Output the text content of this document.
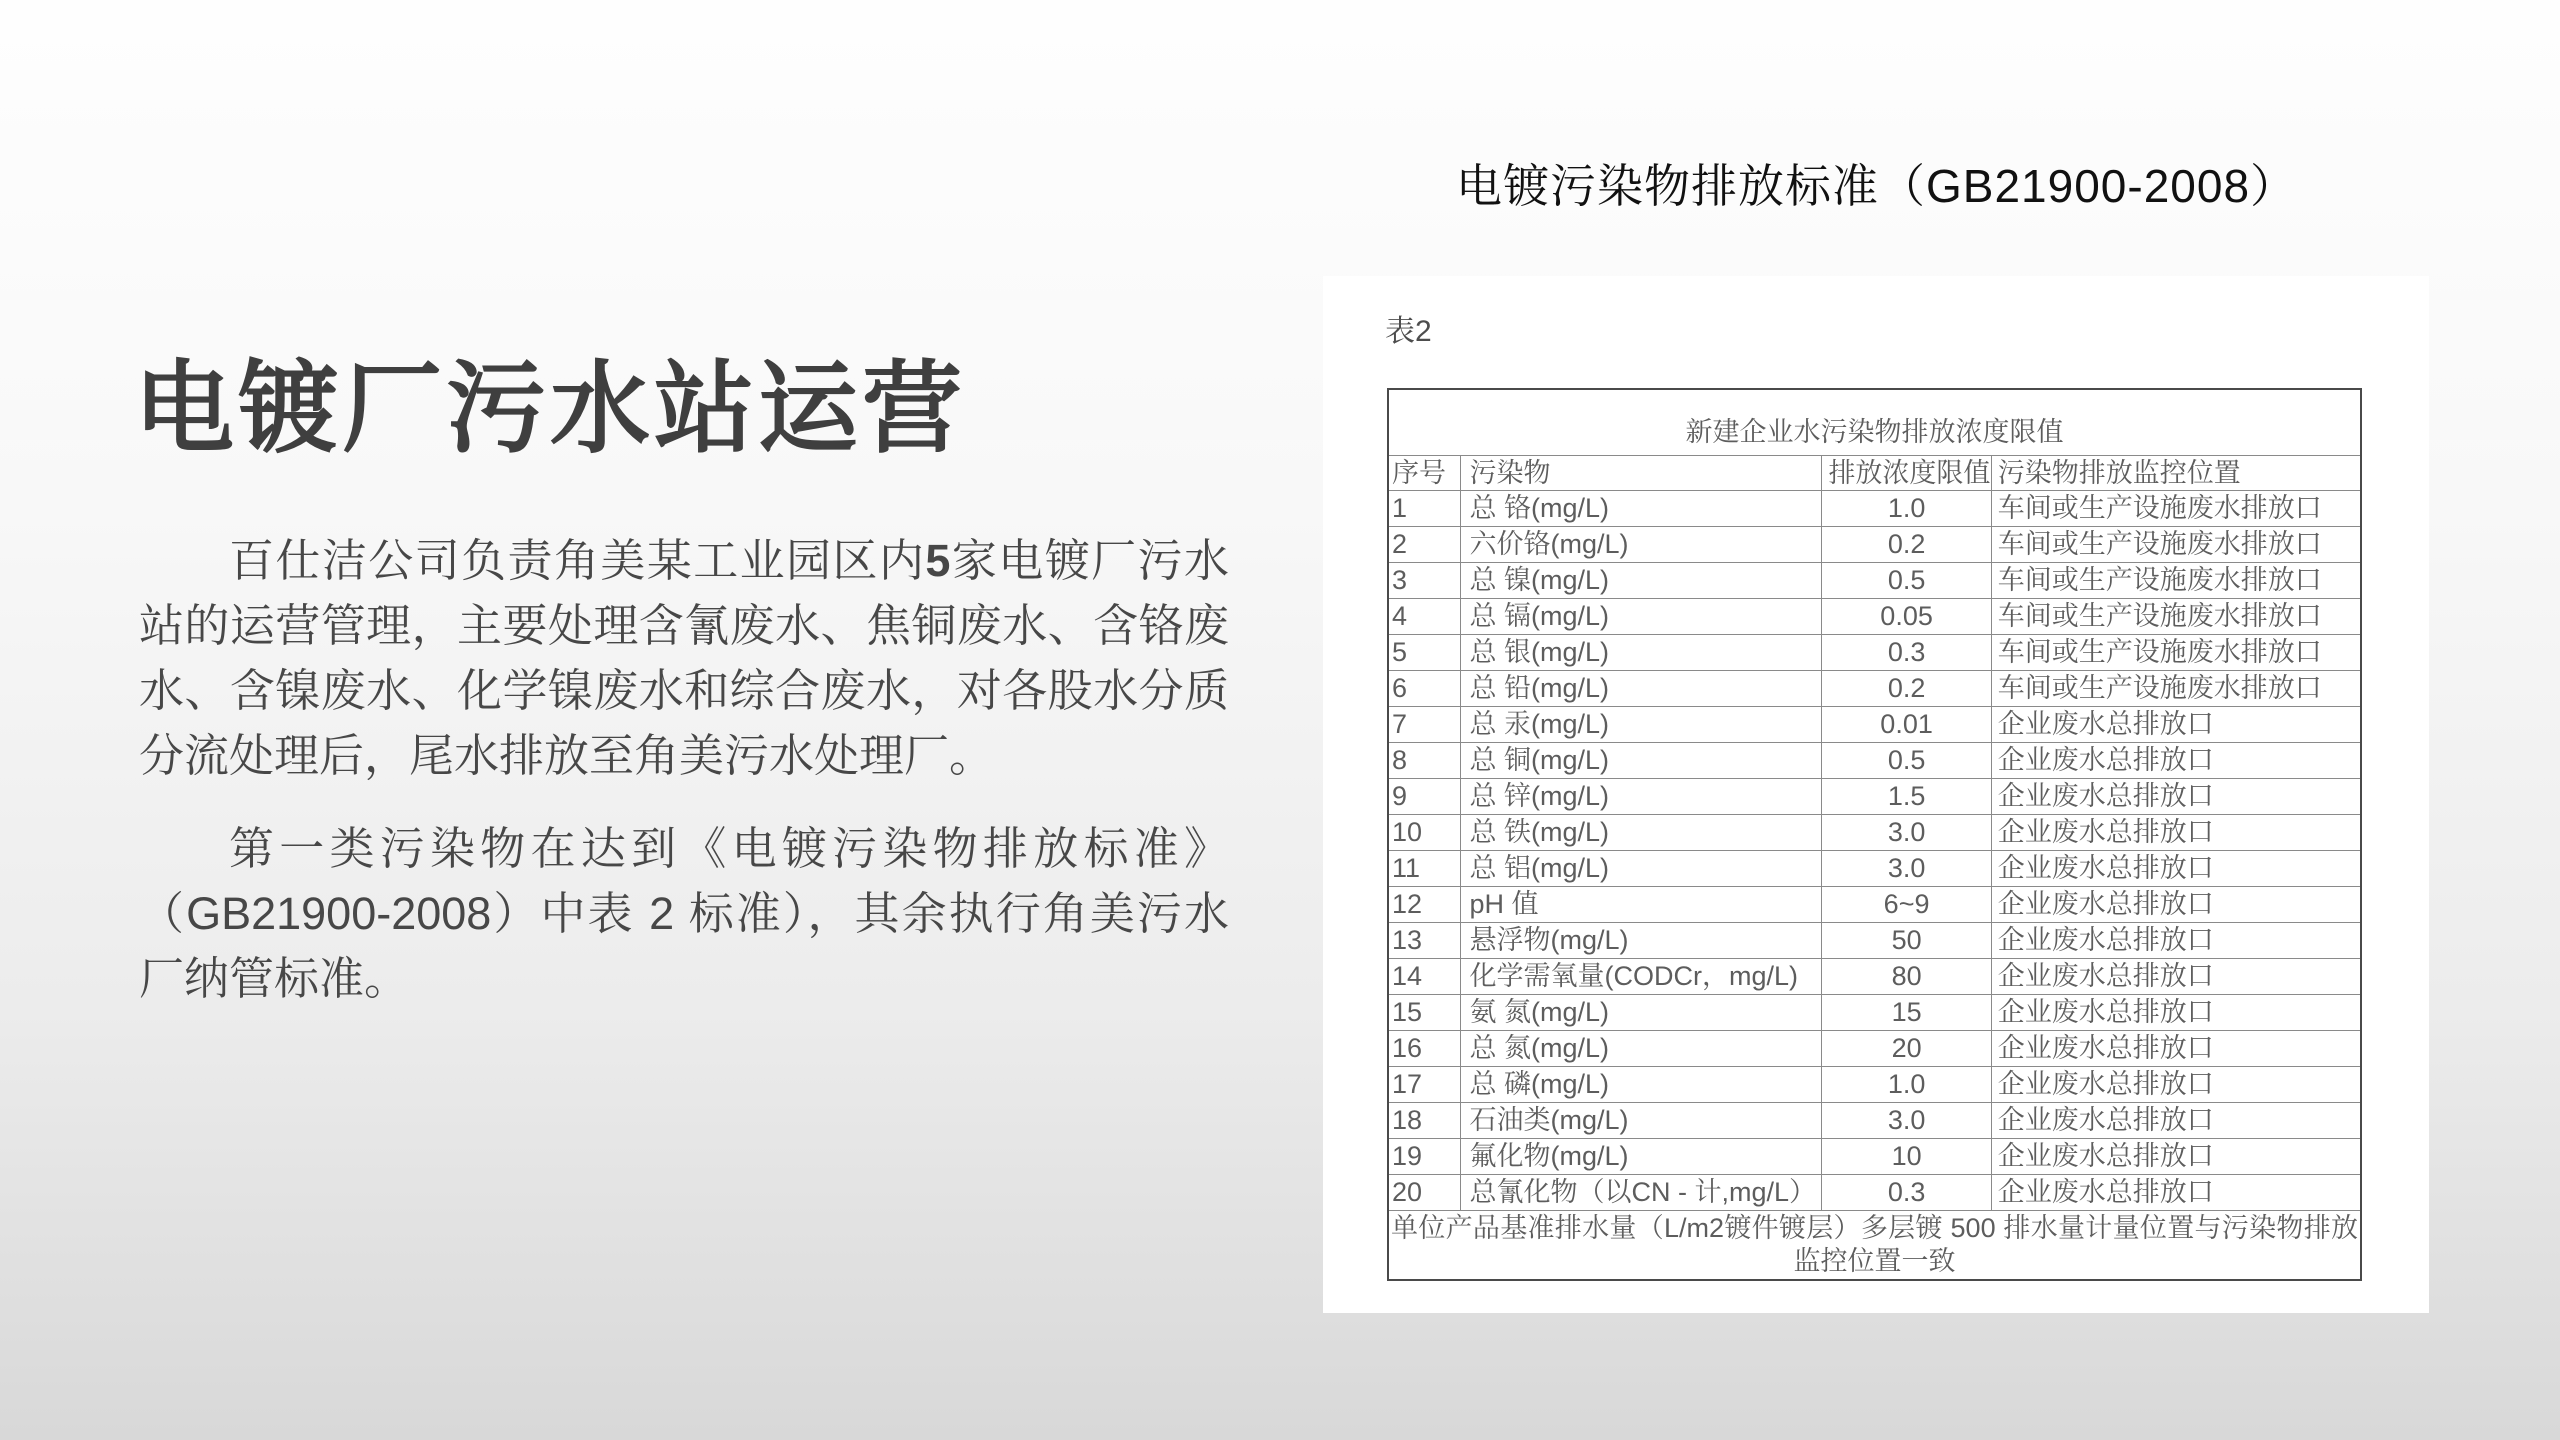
电镀厂污水站运营
电镀污染物排放标准（GB21900-2008）

百仕洁公司负责角美某工业园区内5家电镀厂污水站的运营管理，主要处理含氰废水、焦铜废水、含铬废水、含镍废水、化学镍废水和综合废水，对各股水分质分流处理后，尾水排放至角美污水处理厂。

第一类污染物在达到《电镀污染物排放标准》（GB21900-2008）中表 2 标准），其余执行角美污水厂纳管标准。

表2
新建企业水污染物排放浓度限值			
序号	污染物	排放浓度限值	污染物排放监控位置
1	总 铬(mg/L)	1.0	车间或生产设施废水排放口
2	六价铬(mg/L)	0.2	车间或生产设施废水排放口
3	总 镍(mg/L)	0.5	车间或生产设施废水排放口
4	总 镉(mg/L)	0.05	车间或生产设施废水排放口
5	总 银(mg/L)	0.3	车间或生产设施废水排放口
6	总 铅(mg/L)	0.2	车间或生产设施废水排放口
7	总 汞(mg/L)	0.01	企业废水总排放口
8	总 铜(mg/L)	0.5	企业废水总排放口
9	总 锌(mg/L)	1.5	企业废水总排放口
10	总 铁(mg/L)	3.0	企业废水总排放口
11	总 铝(mg/L)	3.0	企业废水总排放口
12	pH 值	6~9	企业废水总排放口
13	悬浮物(mg/L)	50	企业废水总排放口
14	化学需氧量(CODCr，mg/L)	80	企业废水总排放口
15	氨 氮(mg/L)	15	企业废水总排放口
16	总 氮(mg/L)	20	企业废水总排放口
17	总 磷(mg/L)	1.0	企业废水总排放口
18	石油类(mg/L)	3.0	企业废水总排放口
19	氟化物(mg/L)	10	企业废水总排放口
20	总氰化物（以CN - 计,mg/L）	0.3	企业废水总排放口
单位产品基准排水量（L/m2镀件镀层）多层镀 500 排水量计量位置与污染物排放监控位置一致			
